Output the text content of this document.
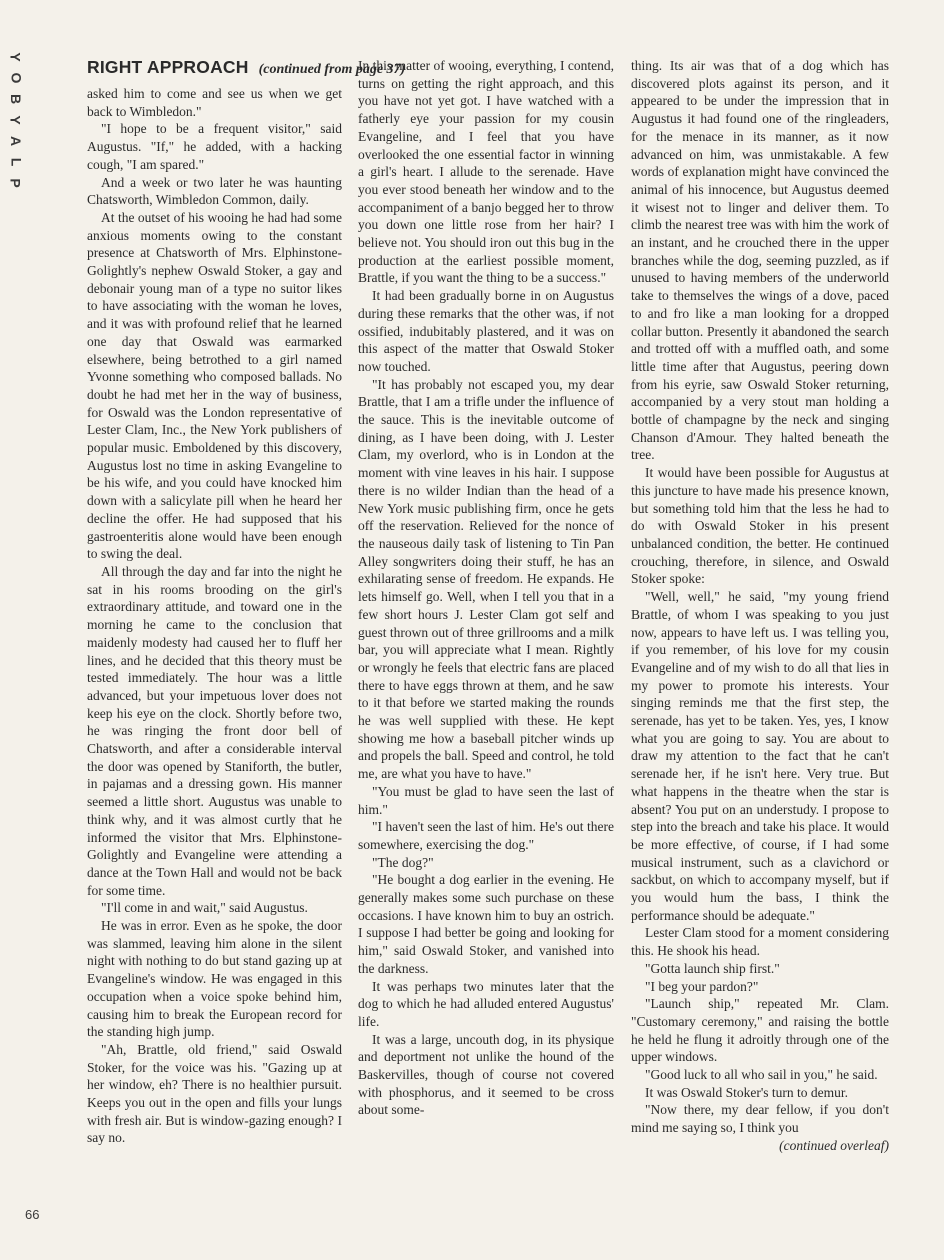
Y
O
B
Y
A
L
P
RIGHT APPROACH (continued from page 37)

asked him to come and see us when we get back to Wimbledon."

"I hope to be a frequent visitor," said Augustus. "If," he added, with a hacking cough, "I am spared."

And a week or two later he was haunting Chatsworth, Wimbledon Common, daily.

At the outset of his wooing he had had some anxious moments owing to the constant presence at Chatsworth of Mrs. Elphinstone-Golightly's nephew Oswald Stoker, a gay and debonair young man of a type no suitor likes to have associating with the woman he loves, and it was with profound relief that he learned one day that Oswald was earmarked elsewhere, being betrothed to a girl named Yvonne something who composed ballads. No doubt he had met her in the way of business, for Oswald was the London representative of Lester Clam, Inc., the New York publishers of popular music. Emboldened by this discovery, Augustus lost no time in asking Evangeline to be his wife, and you could have knocked him down with a salicylate pill when he heard her decline the offer. He had supposed that his gastroenteritis alone would have been enough to swing the deal.

All through the day and far into the night he sat in his rooms brooding on the girl's extraordinary attitude, and toward one in the morning he came to the conclusion that maidenly modesty had caused her to fluff her lines, and he decided that this theory must be tested immediately. The hour was a little advanced, but your impetuous lover does not keep his eye on the clock. Shortly before two, he was ringing the front door bell of Chatsworth, and after a considerable interval the door was opened by Staniforth, the butler, in pajamas and a dressing gown. His manner seemed a little short. Augustus was unable to think why, and it was almost curtly that he informed the visitor that Mrs. Elphinstone-Golightly and Evangeline were attending a dance at the Town Hall and would not be back for some time.

"I'll come in and wait," said Augustus.

He was in error. Even as he spoke, the door was slammed, leaving him alone in the silent night with nothing to do but stand gazing up at Evangeline's window. He was engaged in this occupation when a voice spoke behind him, causing him to break the European record for the standing high jump.

"Ah, Brattle, old friend," said Oswald Stoker, for the voice was his. "Gazing up at her window, eh? There is no healthier pursuit. Keeps you out in the open and fills your lungs with fresh air. But is window-gazing enough? I say no.

In this matter of wooing, everything, I contend, turns on getting the right approach, and this you have not yet got. I have watched with a fatherly eye your passion for my cousin Evangeline, and I feel that you have overlooked the one essential factor in winning a girl's heart. I allude to the serenade. Have you ever stood beneath her window and to the accompaniment of a banjo begged her to throw you down one little rose from her hair? I believe not. You should iron out this bug in the production at the earliest possible moment, Brattle, if you want the thing to be a success."

It had been gradually borne in on Augustus during these remarks that the other was, if not ossified, indubitably plastered, and it was on this aspect of the matter that Oswald Stoker now touched.

"It has probably not escaped you, my dear Brattle, that I am a trifle under the influence of the sauce. This is the inevitable outcome of dining, as I have been doing, with J. Lester Clam, my overlord, who is in London at the moment with vine leaves in his hair. I suppose there is no wilder Indian than the head of a New York music publishing firm, once he gets off the reservation. Relieved for the nonce of the nauseous daily task of listening to Tin Pan Alley songwriters doing their stuff, he has an exhilarating sense of freedom. He expands. He lets himself go. Well, when I tell you that in a few short hours J. Lester Clam got self and guest thrown out of three grillrooms and a milk bar, you will appreciate what I mean. Rightly or wrongly he feels that electric fans are placed there to have eggs thrown at them, and he saw to it that before we started making the rounds he was well supplied with these. He kept showing me how a baseball pitcher winds up and propels the ball. Speed and control, he told me, are what you have to have."

"You must be glad to have seen the last of him."

"I haven't seen the last of him. He's out there somewhere, exercising the dog."

"The dog?"

"He bought a dog earlier in the evening. He generally makes some such purchase on these occasions. I have known him to buy an ostrich. I suppose I had better be going and looking for him," said Oswald Stoker, and vanished into the darkness.

It was perhaps two minutes later that the dog to which he had alluded entered Augustus' life.

It was a large, uncouth dog, in its physique and deportment not unlike the hound of the Baskervilles, though of course not covered with phosphorus, and it seemed to be cross about some-

thing. Its air was that of a dog which has discovered plots against its person, and it appeared to be under the impression that in Augustus it had found one of the ringleaders, for the menace in its manner, as it now advanced on him, was unmistakable. A few words of explanation might have convinced the animal of his innocence, but Augustus deemed it wisest not to linger and deliver them. To climb the nearest tree was with him the work of an instant, and he crouched there in the upper branches while the dog, seeming puzzled, as if unused to having members of the underworld take to themselves the wings of a dove, paced to and fro like a man looking for a dropped collar button. Presently it abandoned the search and trotted off with a muffled oath, and some little time after that Augustus, peering down from his eyrie, saw Oswald Stoker returning, accompanied by a very stout man holding a bottle of champagne by the neck and singing Chanson d'Amour. They halted beneath the tree.

It would have been possible for Augustus at this juncture to have made his presence known, but something told him that the less he had to do with Oswald Stoker in his present unbalanced condition, the better. He continued crouching, therefore, in silence, and Oswald Stoker spoke:

"Well, well," he said, "my young friend Brattle, of whom I was speaking to you just now, appears to have left us. I was telling you, if you remember, of his love for my cousin Evangeline and of my wish to do all that lies in my power to promote his interests. Your singing reminds me that the first step, the serenade, has yet to be taken. Yes, yes, I know what you are going to say. You are about to draw my attention to the fact that he can't serenade her, if he isn't here. Very true. But what happens in the theatre when the star is absent? You put on an understudy. I propose to step into the breach and take his place. It would be more effective, of course, if I had some musical instrument, such as a clavichord or sackbut, on which to accompany myself, but if you would hum the bass, I think the performance should be adequate."

Lester Clam stood for a moment considering this. He shook his head.

"Gotta launch ship first."

"I beg your pardon?"

"Launch ship," repeated Mr. Clam. "Customary ceremony," and raising the bottle he held he flung it adroitly through one of the upper windows.

"Good luck to all who sail in you," he said.

It was Oswald Stoker's turn to demur.

"Now there, my dear fellow, if you don't mind me saying so, I think you

(continued overleaf)

66
